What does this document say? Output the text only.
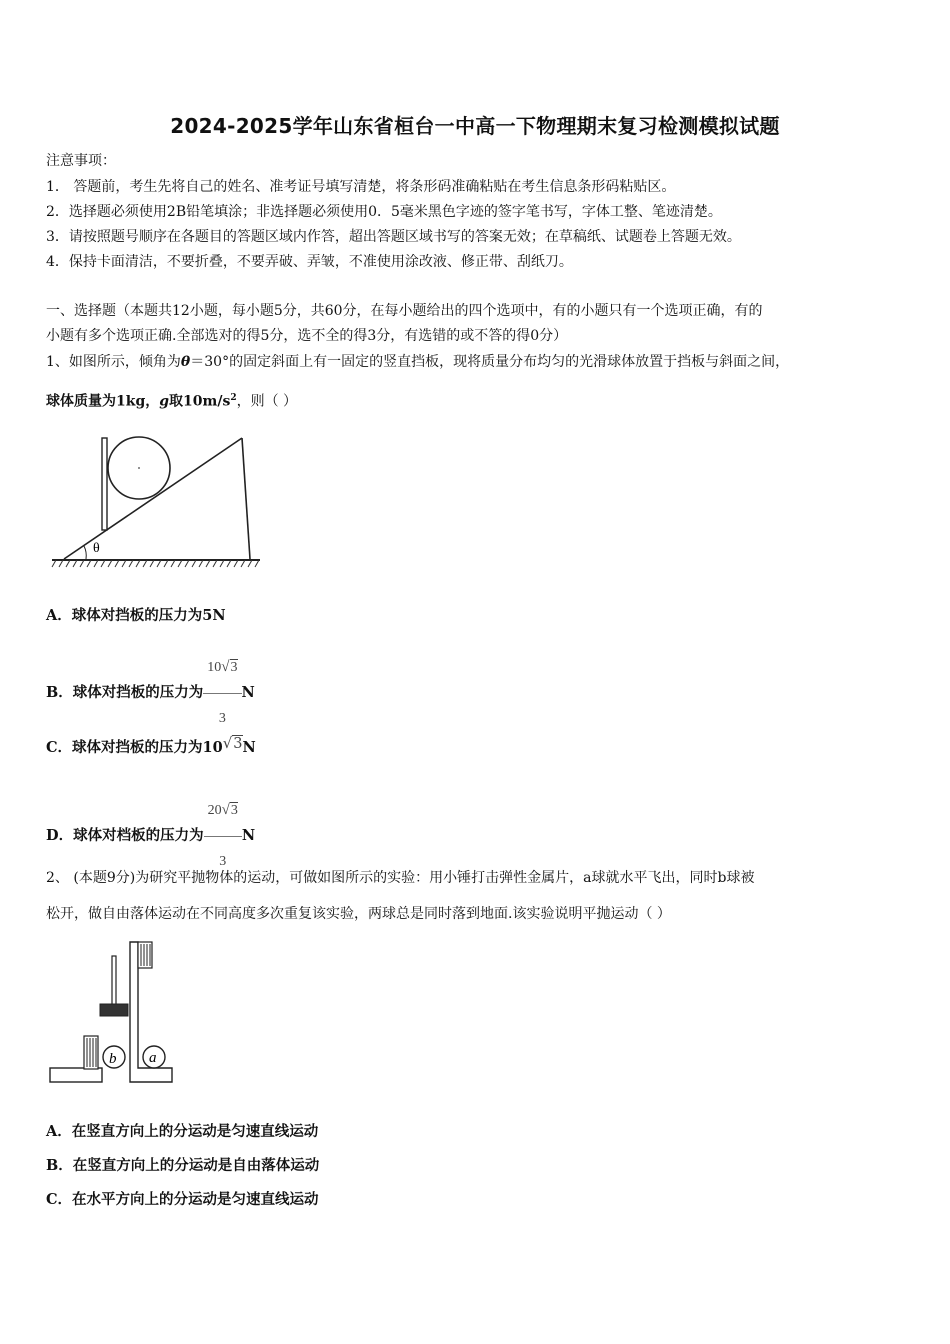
2024-2025学年山东省桓台一中高一下物理期末复习检测模拟试题
注意事项：
1． 答题前，考生先将自己的姓名、准考证号填写清楚，将条形码准确粘贴在考生信息条形码粘贴区。
2．选择题必须使用2B铅笔填涂；非选择题必须使用0．5毫米黑色字迹的签字笔书写，字体工整、笔迹清楚。
3．请按照题号顺序在各题目的答题区域内作答，超出答题区域书写的答案无效；在草稿纸、试题卷上答题无效。
4．保持卡面清洁，不要折叠，不要弄破、弄皱，不准使用涂改液、修正带、刮纸刀。
一、选择题（本题共12小题，每小题5分，共60分，在每小题给出的四个选项中，有的小题只有一个选项正确，有的
小题有多个选项正确.全部选对的得5分，选不全的得3分，有选错的或不答的得0分）
1、如图所示，倾角为θ＝30°的固定斜面上有一固定的竖直挡板，现将质量分布均匀的光滑球体放置于挡板与斜面之间，
球体质量为1kg，g取$10m/s^2$，则（ ）
θ
A．球体对挡板的压力为5N
B．球体对挡板的压力为 $\frac{10√3}{3}$ N
C．球体对挡板的压力为10√3N
D．球体对档板的压力为 $\frac{20√3}{3}$ N
2、 (本题9分)为研究平抛物体的运动，可做如图所示的实验：用小锤打击弹性金属片，a球就水平飞出，同时b球被
松开，做自由落体运动在不同高度多次重复该实验，两球总是同时落到地面.该实验说明平抛运动（ ）
b a
A．在竖直方向上的分运动是匀速直线运动
B．在竖直方向上的分运动是自由落体运动
C．在水平方向上的分运动是匀速直线运动
